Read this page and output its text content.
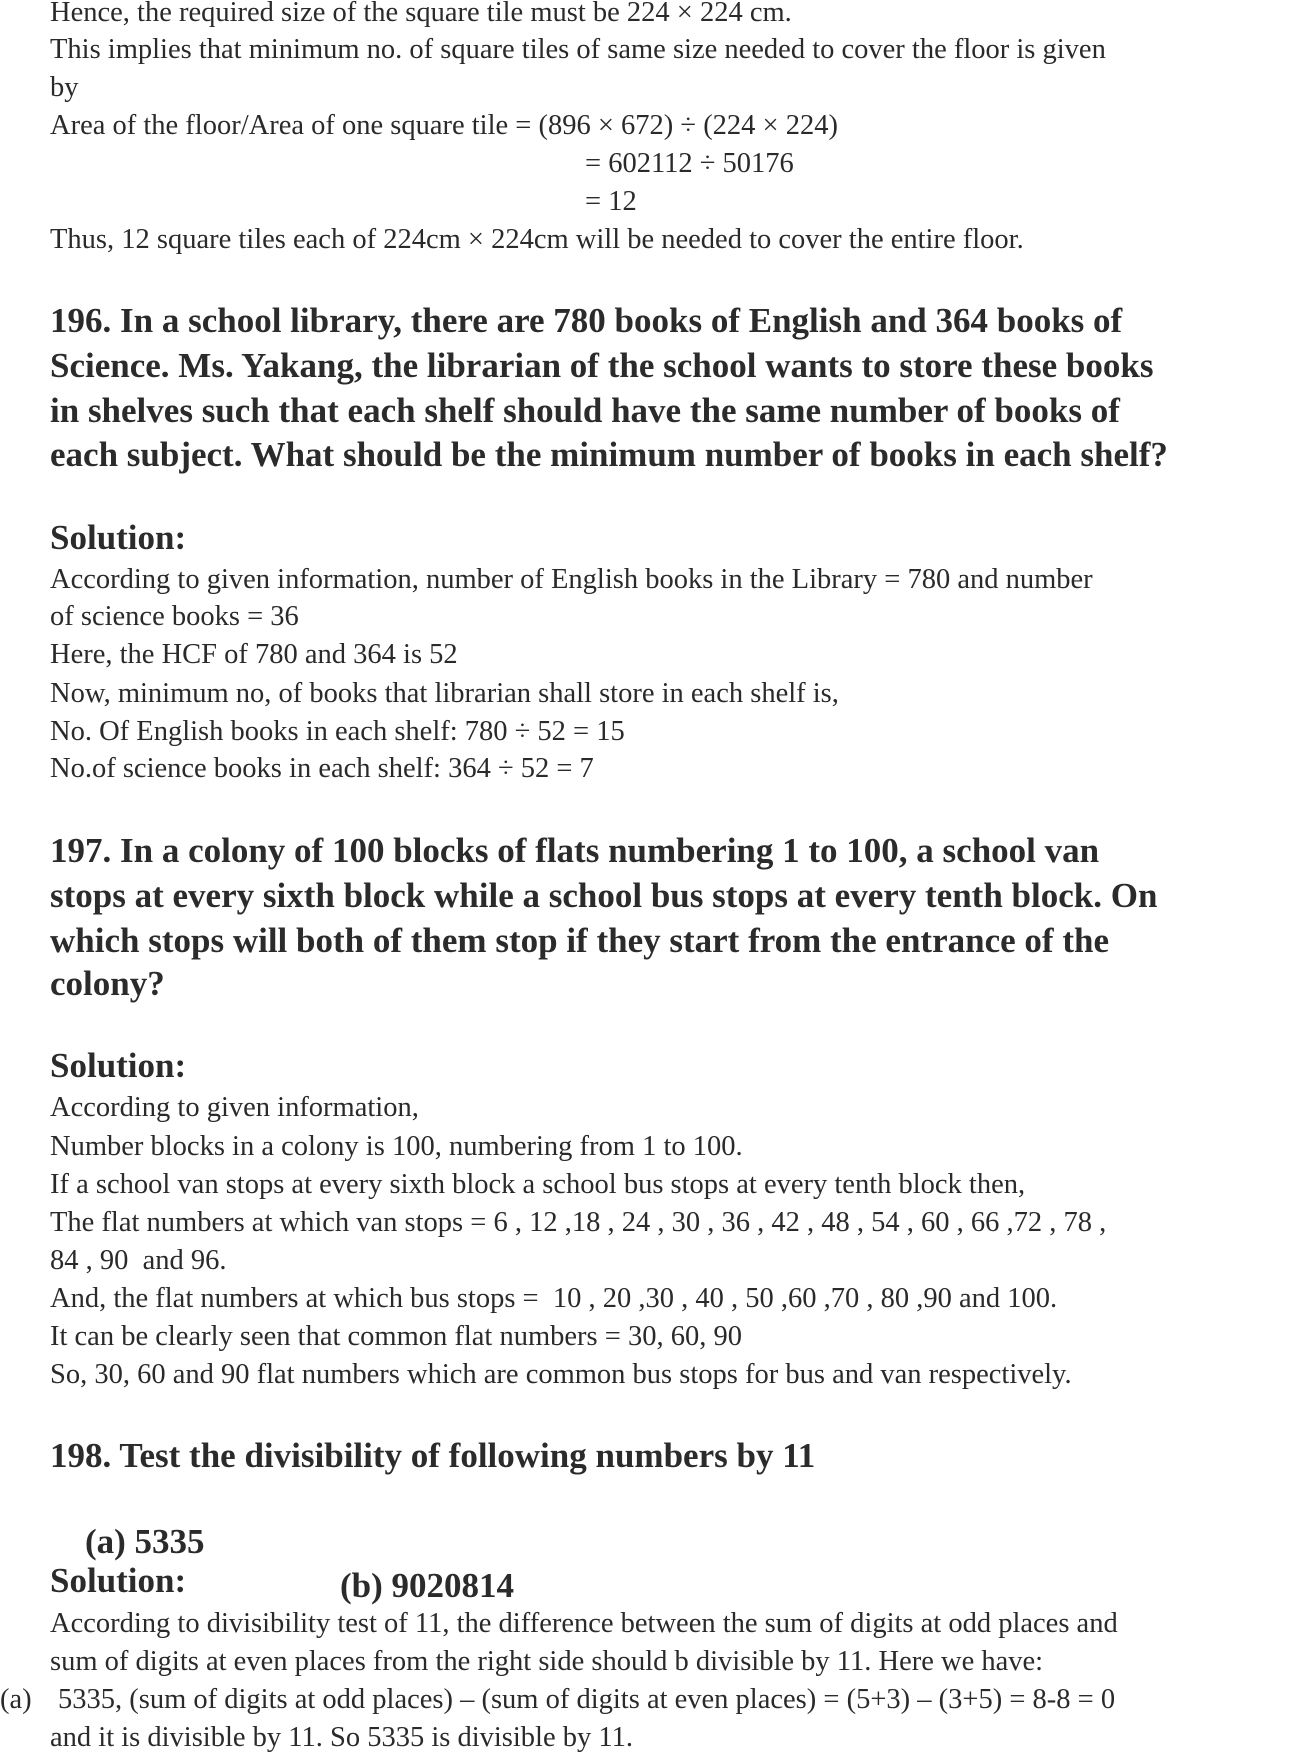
Hence, the required size of the square tile must be 224 × 224 cm.
This implies that minimum no. of square tiles of same size needed to cover the floor is given
by
Area of the floor/Area of one square tile = (896 × 672) ÷ (224 × 224)
= 602112 ÷ 50176
= 12
Thus, 12 square tiles each of 224cm × 224cm will be needed to cover the entire floor.
196. In a school library, there are 780 books of English and 364 books of
Science. Ms. Yakang, the librarian of the school wants to store these books
in shelves such that each shelf should have the same number of books of
each subject. What should be the minimum number of books in each shelf?
Solution:
According to given information, number of English books in the Library = 780 and number
of science books = 36
Here, the HCF of 780 and 364 is 52
Now, minimum no, of books that librarian shall store in each shelf is,
No. Of English books in each shelf: 780 ÷ 52 = 15
No.of science books in each shelf: 364 ÷ 52 = 7
197. In a colony of 100 blocks of flats numbering 1 to 100, a school van
stops at every sixth block while a school bus stops at every tenth block. On
which stops will both of them stop if they start from the entrance of the
colony?
Solution:
According to given information,
Number blocks in a colony is 100, numbering from 1 to 100.
If a school van stops at every sixth block a school bus stops at every tenth block then,
The flat numbers at which van stops = 6 , 12 ,18 , 24 , 30 , 36 , 42 , 48 , 54 , 60 , 66 ,72 , 78 ,
84 , 90  and 96.
And, the flat numbers at which bus stops =  10 , 20 ,30 , 40 , 50 ,60 ,70 , 80 ,90 and 100.
It can be clearly seen that common flat numbers = 30, 60, 90
So, 30, 60 and 90 flat numbers which are common bus stops for bus and van respectively.
198. Test the divisibility of following numbers by 11

(a) 5335

(b) 9020814

Solution:
According to divisibility test of 11, the difference between the sum of digits at odd places and
sum of digits at even places from the right side should b divisible by 11. Here we have:
(a) 5335, (sum of digits at odd places) – (sum of digits at even places) = (5+3) – (3+5) = 8-8 = 0
and it is divisible by 11. So 5335 is divisible by 11.
